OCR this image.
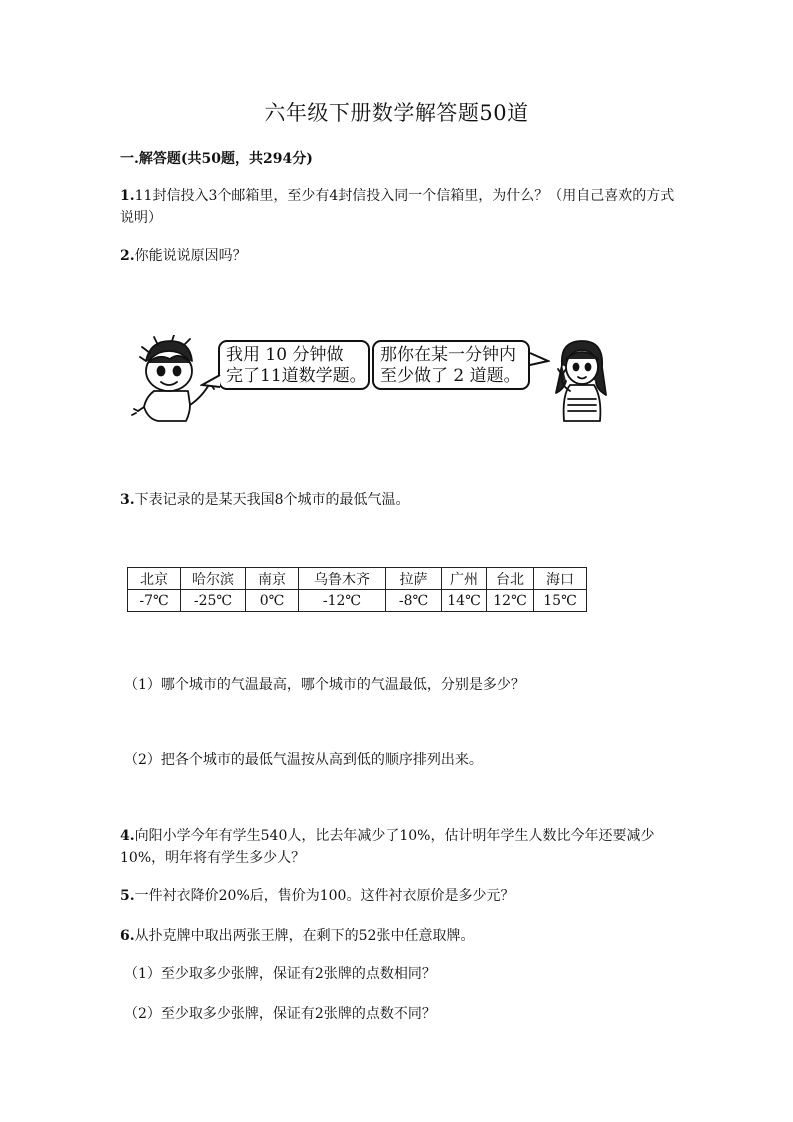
六年级下册数学解答题50道
一.解答题(共50题，共294分)
1.11封信投入3个邮箱里，至少有4封信投入同一个信箱里，为什么？（用自己喜欢的方式说明）
2.你能说说原因吗？
我用 10 分钟做
完了11道数学题。
那你在某一分钟内
至少做了 2 道题。
3.下表记录的是某天我国8个城市的最低气温。
北京	哈尔滨	南京	乌鲁木齐	拉萨	广州	台北	海口
-7℃	-25℃	0℃	-12℃	-8℃	14℃	12℃	15℃
（1）哪个城市的气温最高，哪个城市的气温最低，分别是多少？
（2）把各个城市的最低气温按从高到低的顺序排列出来。
4.向阳小学今年有学生540人，比去年减少了10%，估计明年学生人数比今年还要减少10%，明年将有学生多少人？
5.一件衬衣降价20%后，售价为100。这件衬衣原价是多少元？
6.从扑克牌中取出两张王牌，在剩下的52张中任意取牌。
（1）至少取多少张牌，保证有2张牌的点数相同？
（2）至少取多少张牌，保证有2张牌的点数不同？
